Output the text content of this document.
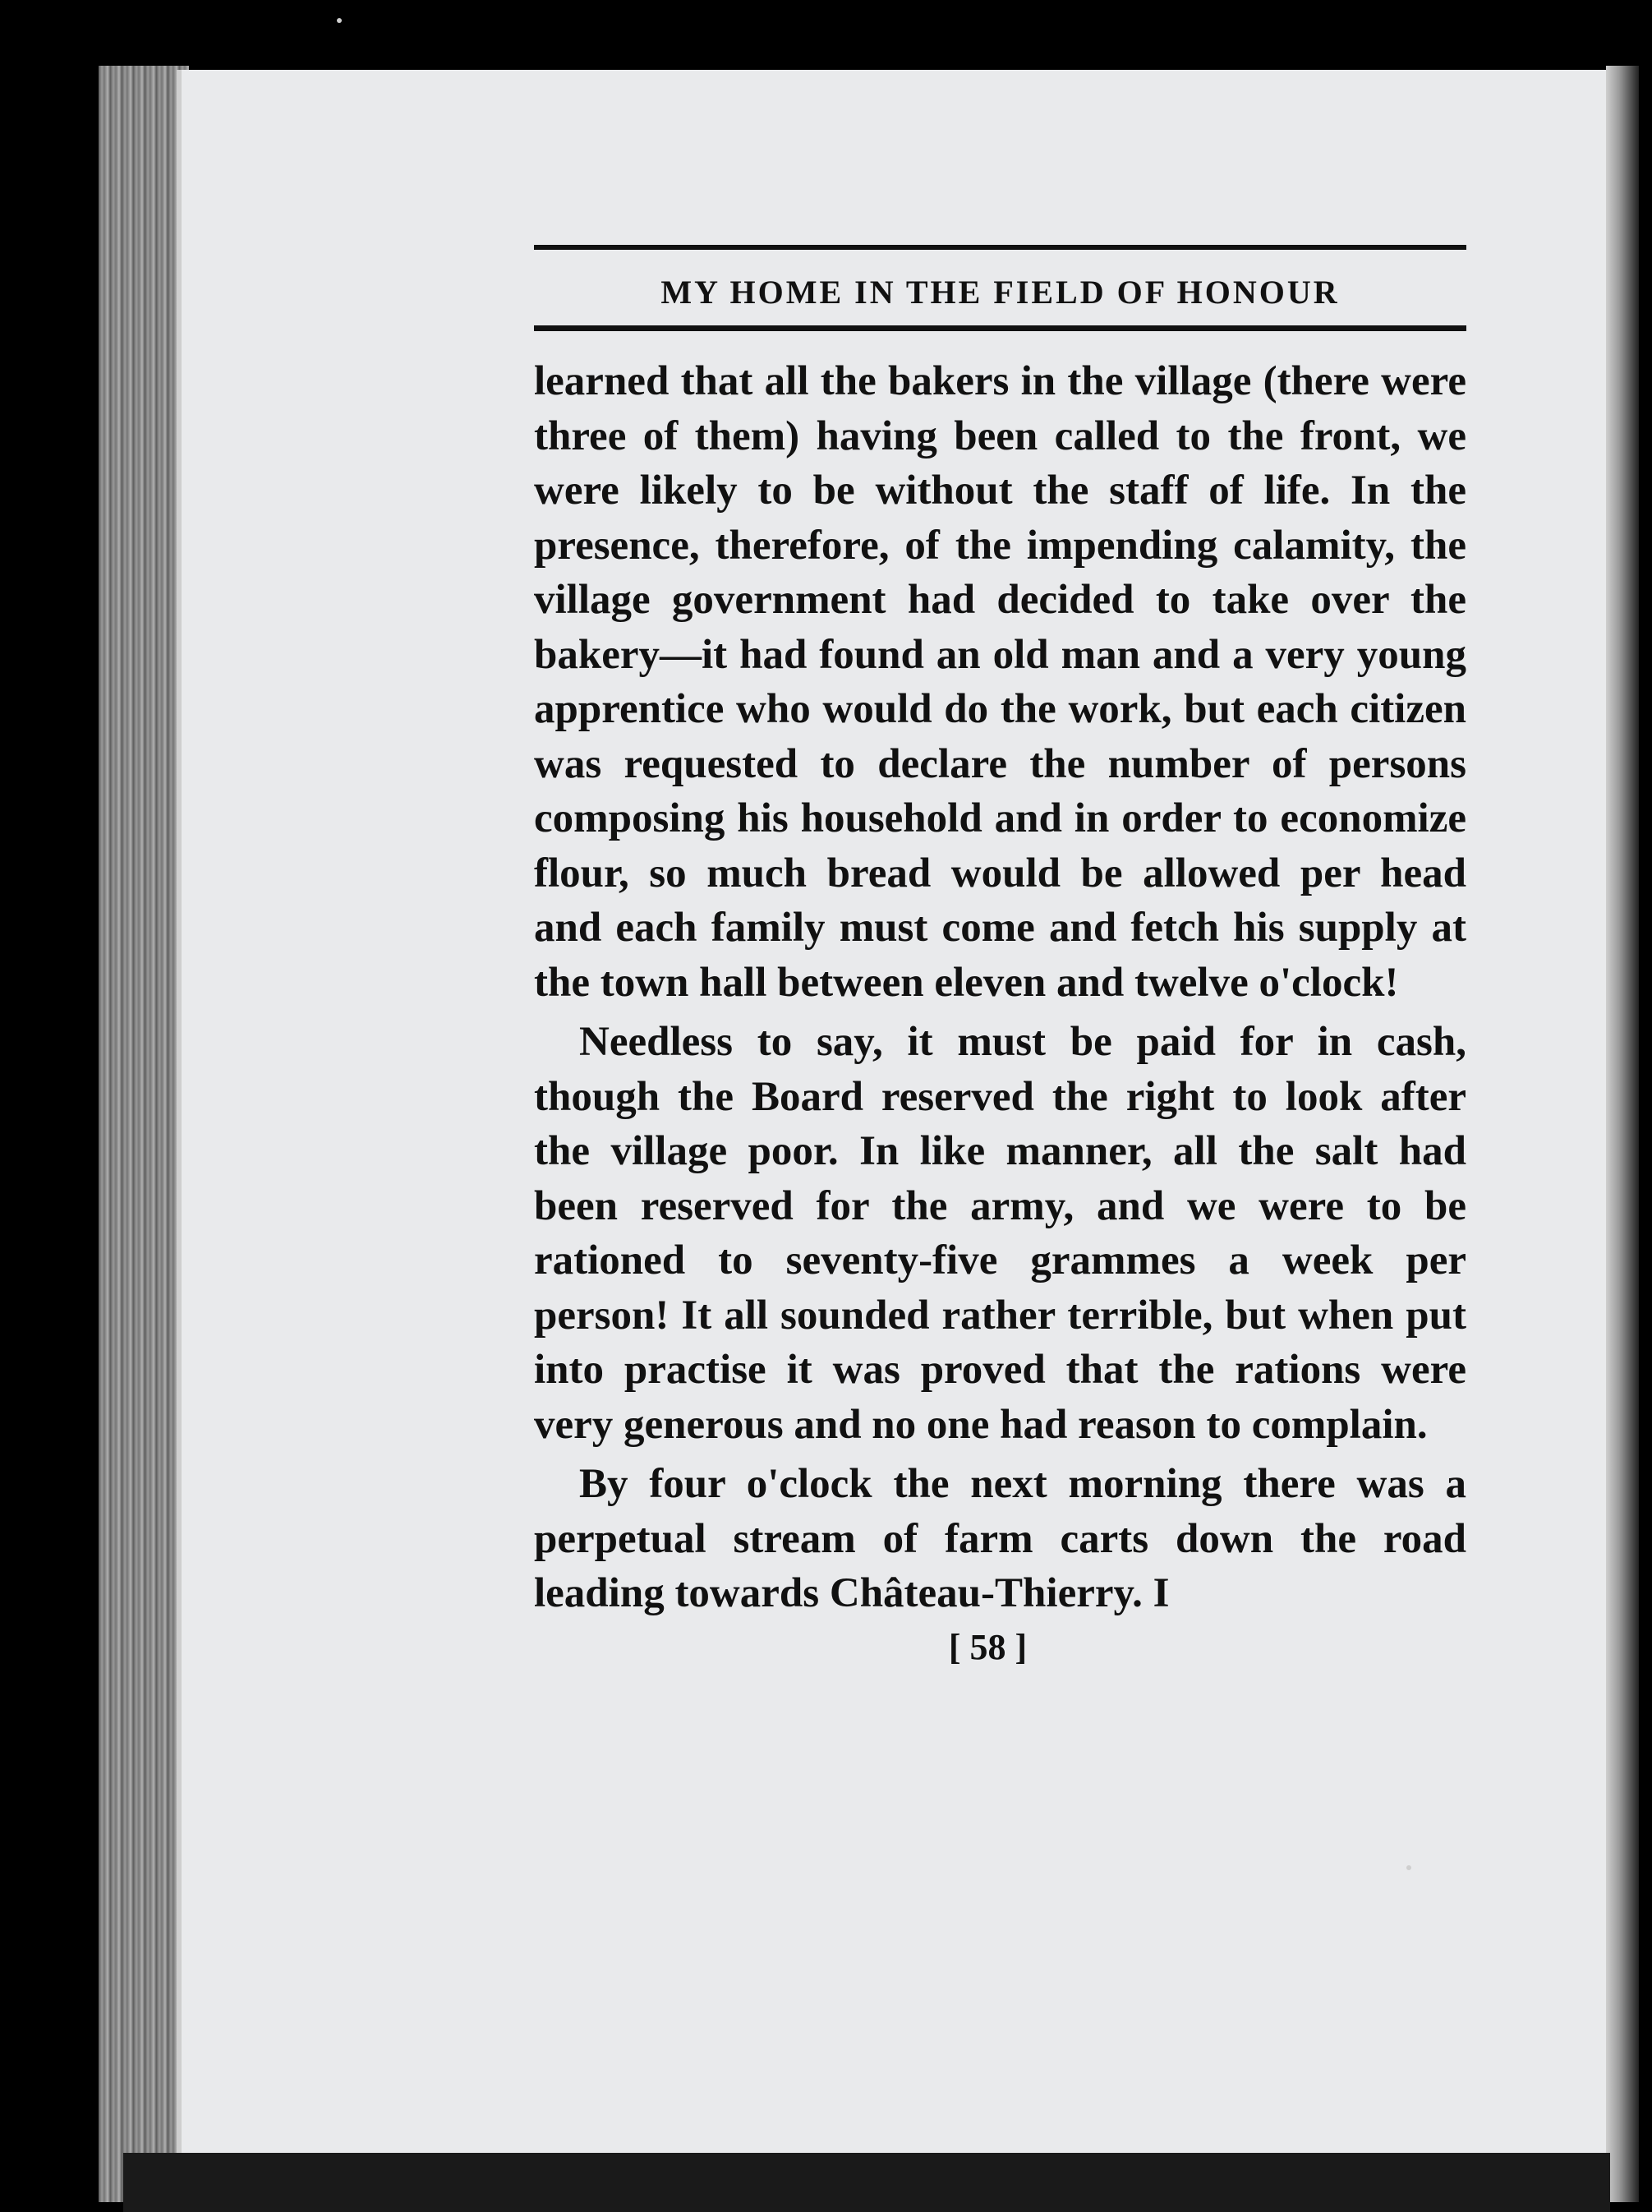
MY HOME IN THE FIELD OF HONOUR

learned that all the bakers in the village (there were three of them) having been called to the front, we were likely to be without the staff of life. In the presence, therefore, of the impending calamity, the village government had decided to take over the bakery—it had found an old man and a very young apprentice who would do the work, but each citizen was requested to declare the number of persons composing his household and in order to economize flour, so much bread would be allowed per head and each family must come and fetch his supply at the town hall between eleven and twelve o'clock!

Needless to say, it must be paid for in cash, though the Board reserved the right to look after the village poor. In like manner, all the salt had been reserved for the army, and we were to be rationed to seventy-five grammes a week per person! It all sounded rather terrible, but when put into practise it was proved that the rations were very generous and no one had reason to complain.

By four o'clock the next morning there was a perpetual stream of farm carts down the road leading towards Château-Thierry. I

[ 58 ]
